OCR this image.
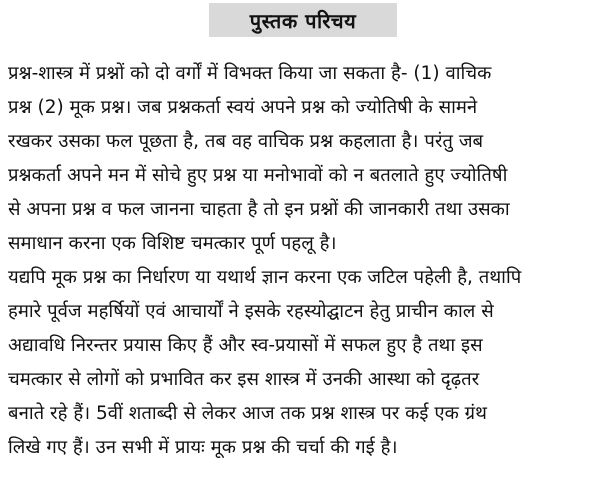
पुस्तक परिचय
प्रश्न-शास्त्र में प्रश्नों को दो वर्गों में विभक्त किया जा सकता है- (1) वाचिक
प्रश्न (2) मूक प्रश्न। जब प्रश्नकर्ता स्वयं अपने प्रश्न को ज्योतिषी के सामने
रखकर उसका फल पूछता है, तब वह वाचिक प्रश्न कहलाता है। परंतु जब
प्रश्नकर्ता अपने मन में सोचे हुए प्रश्न या मनोभावों को न बतलाते हुए ज्योतिषी
से अपना प्रश्न व फल जानना चाहता है तो इन प्रश्नों की जानकारी तथा उसका
समाधान करना एक विशिष्ट चमत्कार पूर्ण पहलू है।
यद्यपि मूक प्रश्न का निर्धारण या यथार्थ ज्ञान करना एक जटिल पहेली है, तथापि
हमारे पूर्वज महर्षियों एवं आचार्यों ने इसके रहस्योद्घाटन हेतु प्राचीन काल से
अद्यावधि निरन्तर प्रयास किए हैं और स्व-प्रयासों में सफल हुए है तथा इस
चमत्कार से लोगों को प्रभावित कर इस शास्त्र में उनकी आस्था को दृढ़तर
बनाते रहे हैं। 5वीं शताब्दी से लेकर आज तक प्रश्न शास्त्र पर कई एक ग्रंथ
लिखे गए हैं। उन सभी में प्रायः मूक प्रश्न की चर्चा की गई है।
